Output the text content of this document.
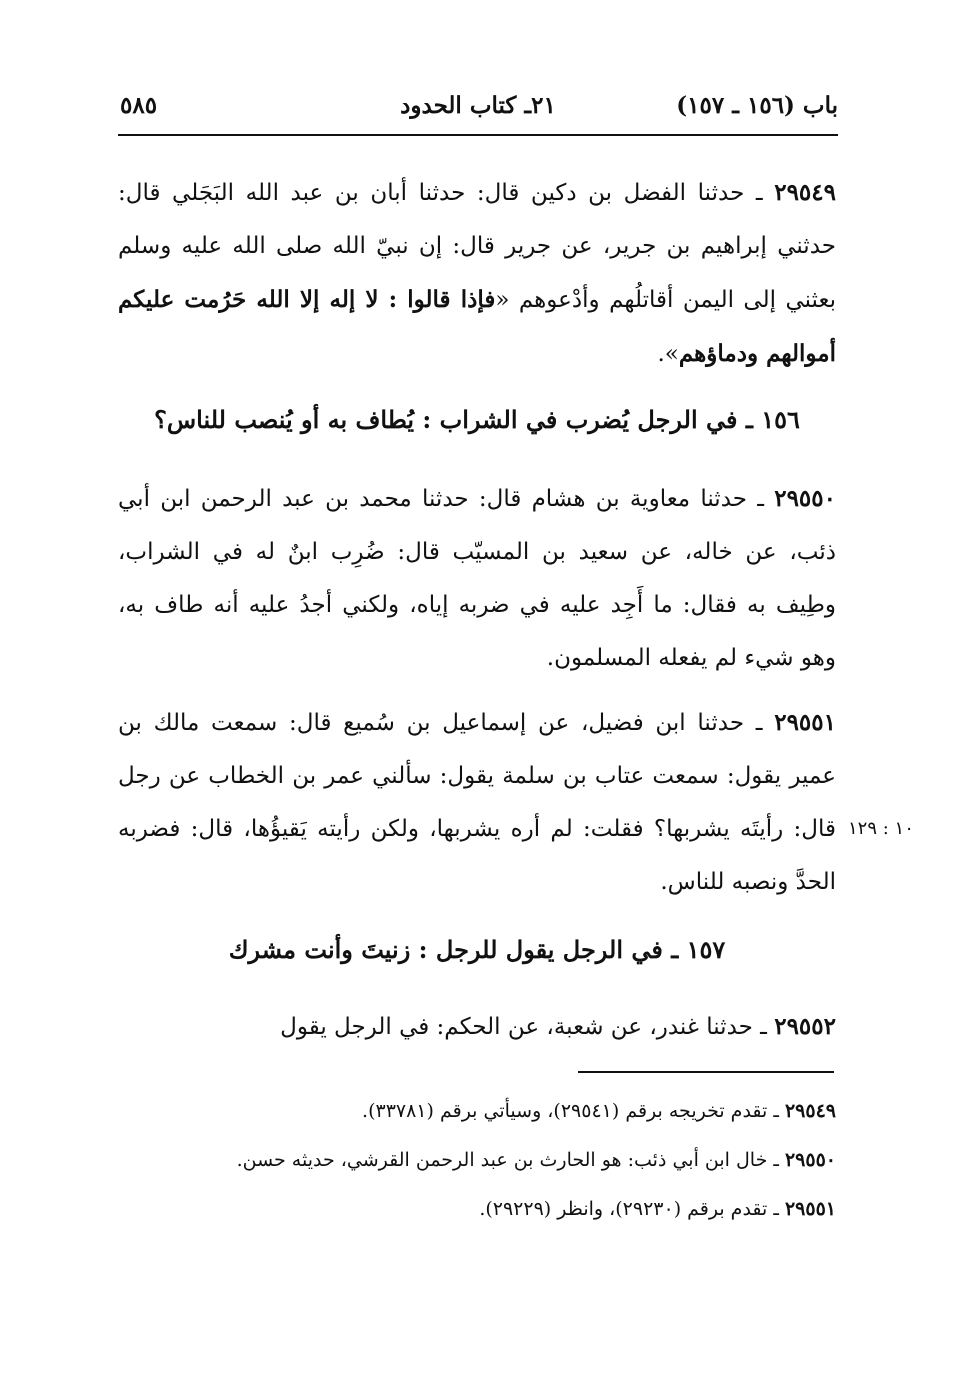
باب (١٥٦ ـ ١٥٧)
٢١ـ كتاب الحدود
٥٨٥
٢٩٥٤٩ ـ حدثنا الفضل بن دكين قال: حدثنا أبان بن عبد الله البَجَلي قال: حدثني إبراهيم بن جرير، عن جرير قال: إن نبيّ الله صلى الله عليه وسلم بعثني إلى اليمن أقاتلُهم وأدْعوهم «فإذا قالوا : لا إله إلا الله حَرُمت عليكم أموالهم ودماؤهم».
١٥٦ ـ في الرجل يُضرب في الشراب : يُطاف به أو يُنصب للناس؟
٢٩٥٥٠ ـ حدثنا معاوية بن هشام قال: حدثنا محمد بن عبد الرحمن ابن أبي ذئب، عن خاله، عن سعيد بن المسيّب قال: ضُرِب ابنٌ له في الشراب، وطِيف به فقال: ما أَجِد عليه في ضربه إياه، ولكني أجدُ عليه أنه طاف به، وهو شيء لم يفعله المسلمون.
٢٩٥٥١ ـ حدثنا ابن فضيل، عن إسماعيل بن سُميع قال: سمعت مالك بن عمير يقول: سمعت عتاب بن سلمة يقول: سألني عمر بن الخطاب عن رجل قال: رأيتَه يشربها؟ فقلت: لم أره يشربها، ولكن رأيته يَقيؤُها، قال: فضربه الحدَّ ونصبه للناس.
١٠ : ١٢٩
١٥٧ ـ في الرجل يقول للرجل : زنيتَ وأنت مشرك
٢٩٥٥٢ ـ حدثنا غندر، عن شعبة، عن الحكم: في الرجل يقول

٢٩٥٤٩ ـ تقدم تخريجه برقم (٢٩٥٤١)، وسيأتي برقم (٣٣٧٨١).

٢٩٥٥٠ ـ خال ابن أبي ذئب: هو الحارث بن عبد الرحمن القرشي، حديثه حسن.

٢٩٥٥١ ـ تقدم برقم (٢٩٢٣٠)، وانظر (٢٩٢٢٩).
